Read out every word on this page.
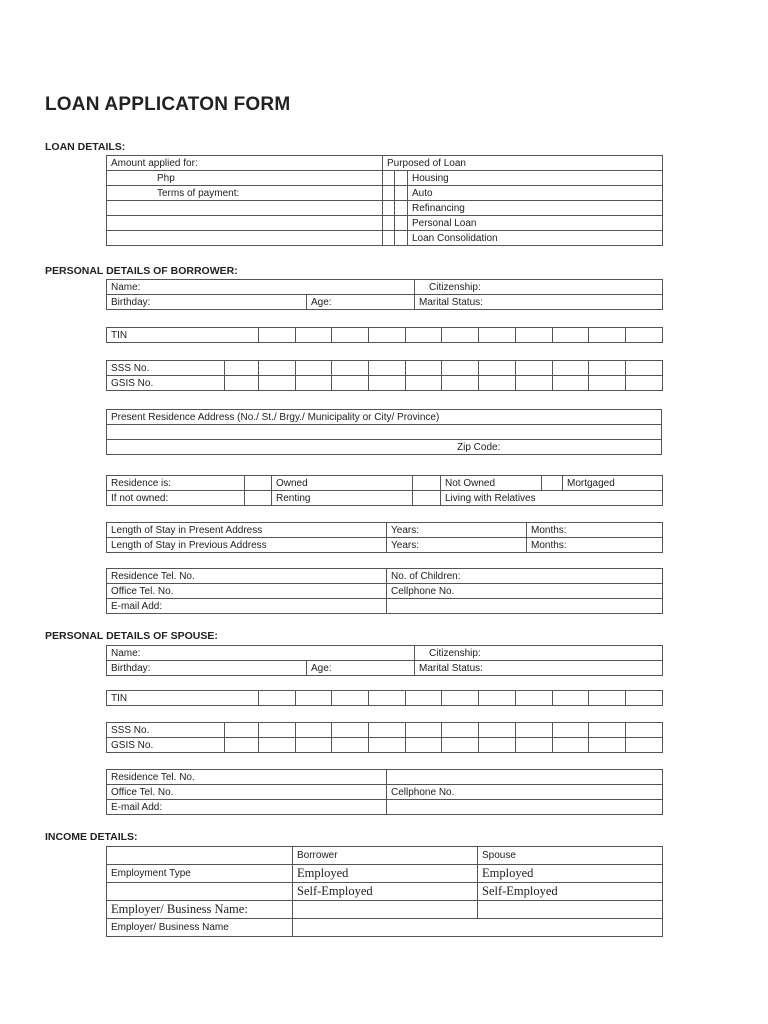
LOAN APPLICATON FORM
LOAN DETAILS:
Amount applied for:	Purposed of Loan		
Php			Housing
Terms of payment:			Auto
			Refinancing
			Personal Loan
			Loan Consolidation
PERSONAL DETAILS OF BORROWER:
Name:		Citizenship:
Birthday:	Age:	Marital Status:
TIN											
SSS No.												
GSIS No.												
Present Residence Address (No./ St./ Brgy./ Municipality or City/ Province)

Zip Code:
Residence is:		Owned		Not Owned		Mortgaged
If not owned:		Renting		Living with Relatives		
Length of Stay in Present Address	Years:	Months:
Length of Stay in Previous Address	Years:	Months:
Residence Tel. No.	No. of Children:
Office Tel. No.	Cellphone No.
E-mail Add:	
PERSONAL DETAILS OF SPOUSE:
Name:		Citizenship:
Birthday:	Age:	Marital Status:
TIN											
SSS No.												
GSIS No.												
Residence Tel. No.	
Office Tel. No.	Cellphone No.
E-mail Add:	
INCOME DETAILS:
	Borrower	Spouse
Employment Type	Employed	Employed
	Self-Employed	Self-Employed
Employer/ Business Name:		
Employer/ Business Name		
